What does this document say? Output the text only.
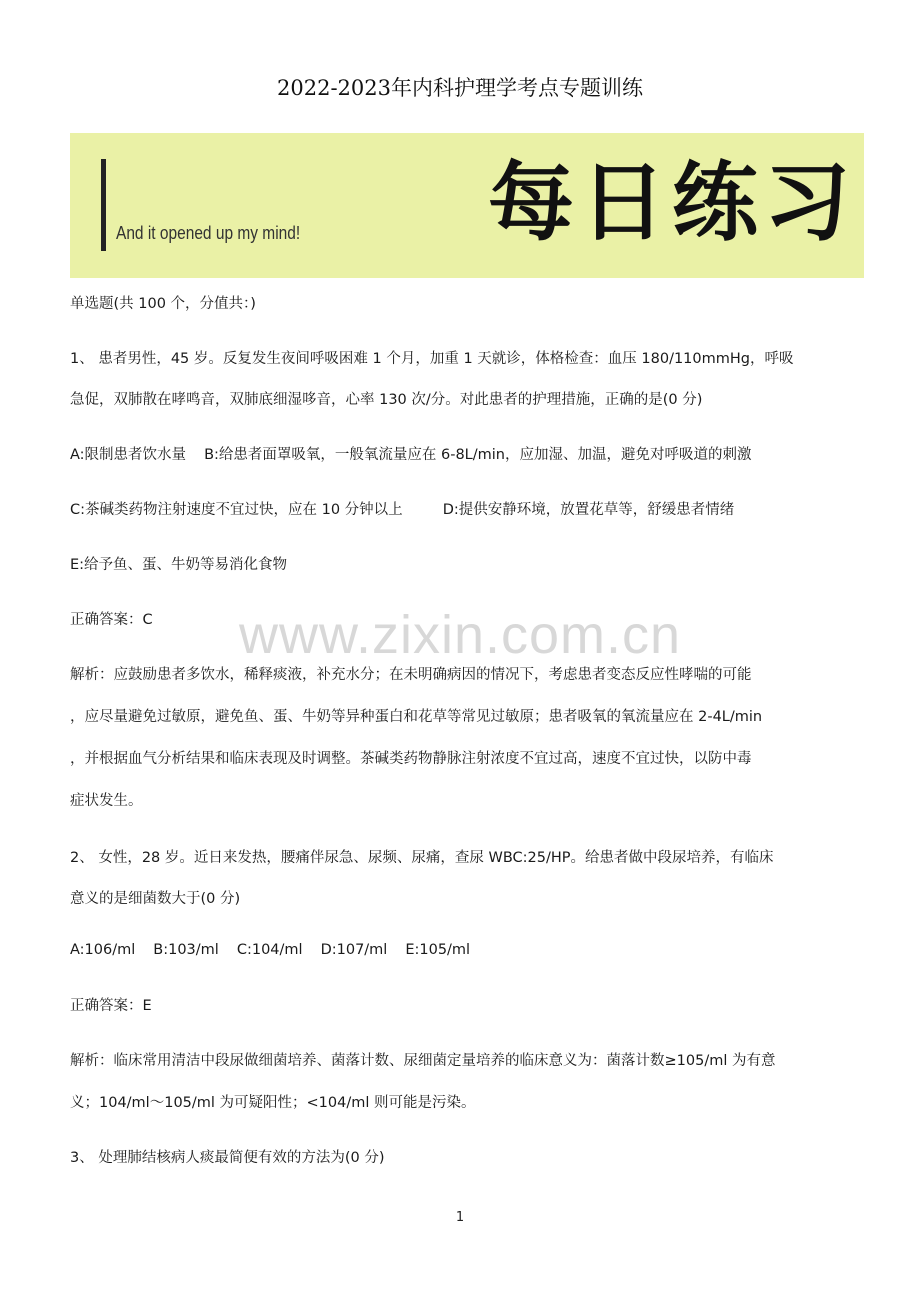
2022-2023年内科护理学考点专题训练
And it opened up my mind! 每日练习
www.zixin.com.cn
单选题(共 100 个，分值共：)
1、 患者男性，45 岁。反复发生夜间呼吸困难 1 个月，加重 1 天就诊，体格检查：血压 180/110mmHg，呼吸
急促，双肺散在哮鸣音，双肺底细湿哆音，心率 130 次/分。对此患者的护理措施，正确的是(0 分)
A:限制患者饮水量 B:给患者面罩吸氧，一般氧流量应在 6-8L/min，应加湿、加温，避免对呼吸道的刺激
C:茶碱类药物注射速度不宜过快，应在 10 分钟以上	D:提供安静环境，放置花草等，舒缓患者情绪
E:给予鱼、蛋、牛奶等易消化食物
正确答案：C
解析：应鼓励患者多饮水，稀释痰液，补充水分；在未明确病因的情况下，考虑患者变态反应性哮喘的可能
，应尽量避免过敏原，避免鱼、蛋、牛奶等异种蛋白和花草等常见过敏原；患者吸氧的氧流量应在 2-4L/min
，并根据血气分析结果和临床表现及时调整。茶碱类药物静脉注射浓度不宜过高，速度不宜过快，以防中毒
症状发生。
2、 女性，28 岁。近日来发热，腰痛伴尿急、尿频、尿痛，查尿 WBC:25/HP。给患者做中段尿培养，有临床
意义的是细菌数大于(0 分)
A:106/ml B:103/ml C:104/ml D:107/ml E:105/ml
正确答案：E
解析：临床常用清洁中段尿做细菌培养、菌落计数、尿细菌定量培养的临床意义为：菌落计数≥105/ml 为有意
义；104/ml～105/ml 为可疑阳性；<104/ml 则可能是污染。
3、 处理肺结核病人痰最简便有效的方法为(0 分)
1
